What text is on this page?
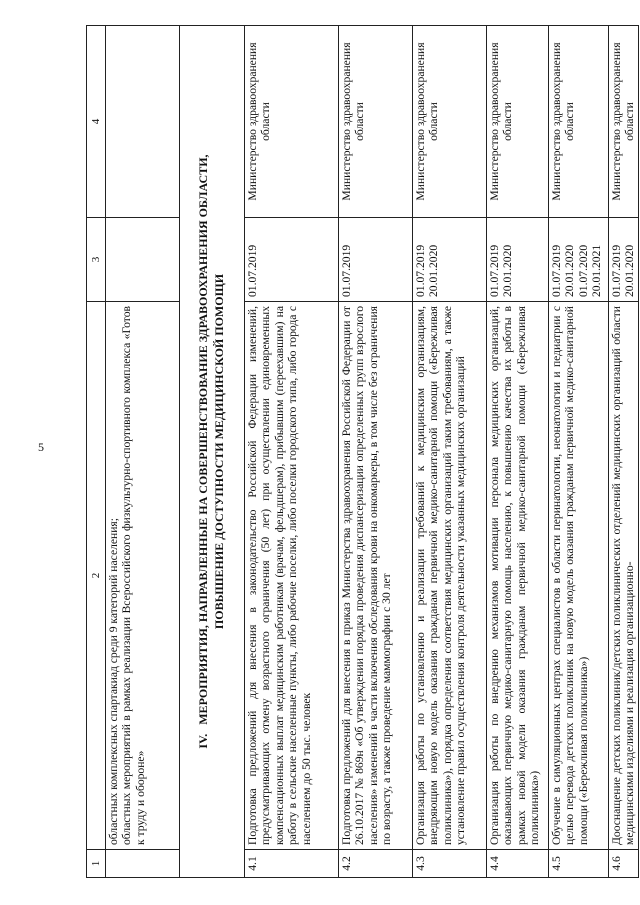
5
1	2	3	4

	областных комплексных спартакиад среди 9 категорий населения; областных мероприятий в рамках реализации Всероссийского физкультурно-спортивного комплекса «Готов к труду и обороне»		

IV.   МЕРОПРИЯТИЯ, НАПРАВЛЕННЫЕ НА СОВЕРШЕНСТВОВАНИЕ ЗДРАВООХРАНЕНИЯ ОБЛАСТИ, ПОВЫШЕНИЕ ДОСТУПНОСТИ МЕДИЦИНСКОЙ ПОМОЩИ			
4.1	Подготовка предложений для внесения в законодательство Российской Федерации изменений, предусматривающих отмену возрастного ограничения (50 лет) при осуществлении единовременных компенсационных выплат медицинским работникам (врачам, фельдшерам), прибывшим (переехавшим) на работу в сельские населенные пункты, либо рабочие поселки, либо поселки городского типа, либо города с населением до 50 тыс. человек	01.07.2019	Министерство здравоохранения области
4.2	Подготовка предложений для внесения в приказ Министерства здравоохранения Российской Федерации от 26.10.2017 № 869н «Об утверждении порядка проведения диспансеризации определенных групп взрослого населения» изменений в части включения обследования крови на онкомаркеры, в том числе без ограничения по возрасту, а также проведение маммографии с 30 лет	01.07.2019	Министерство здравоохранения области
4.3	Организация работы по установлению и реализации требований к медицинским организациям, внедряющим новую модель оказания гражданам первичной медико-санитарной помощи («Бережливая поликлиника»), порядка определения соответствия медицинских организаций таким требованиям, а также установление правил осуществления контроля деятельности указанных медицинских организаций	01.07.2019 20.01.2020	Министерство здравоохранения области
4.4	Организация работы по внедрению механизмов мотивации персонала медицинских организаций, оказывающих первичную медико-санитарную помощь населению, к повышению качества их работы в рамках новой модели оказания гражданам первичной медико-санитарной помощи («Бережливая поликлиника»)	01.07.2019 20.01.2020	Министерство здравоохранения области
4.5	Обучение в симуляционных центрах специалистов в области перинатологии, неонатологии и педиатрии с целью перевода детских поликлиник на новую модель оказания гражданам первичной медико-санитарной помощи («Бережливая поликлиника»)	01.07.2019 20.01.2020 01.07.2020 20.01.2021	Министерство здравоохранения области
4.6	Дооснащение детских поликлиник/детских поликлинических отделений медицинских организаций области медицинскими изделиями и реализация организационно-	01.07.2019 20.01.2020	Министерство здравоохранения области
